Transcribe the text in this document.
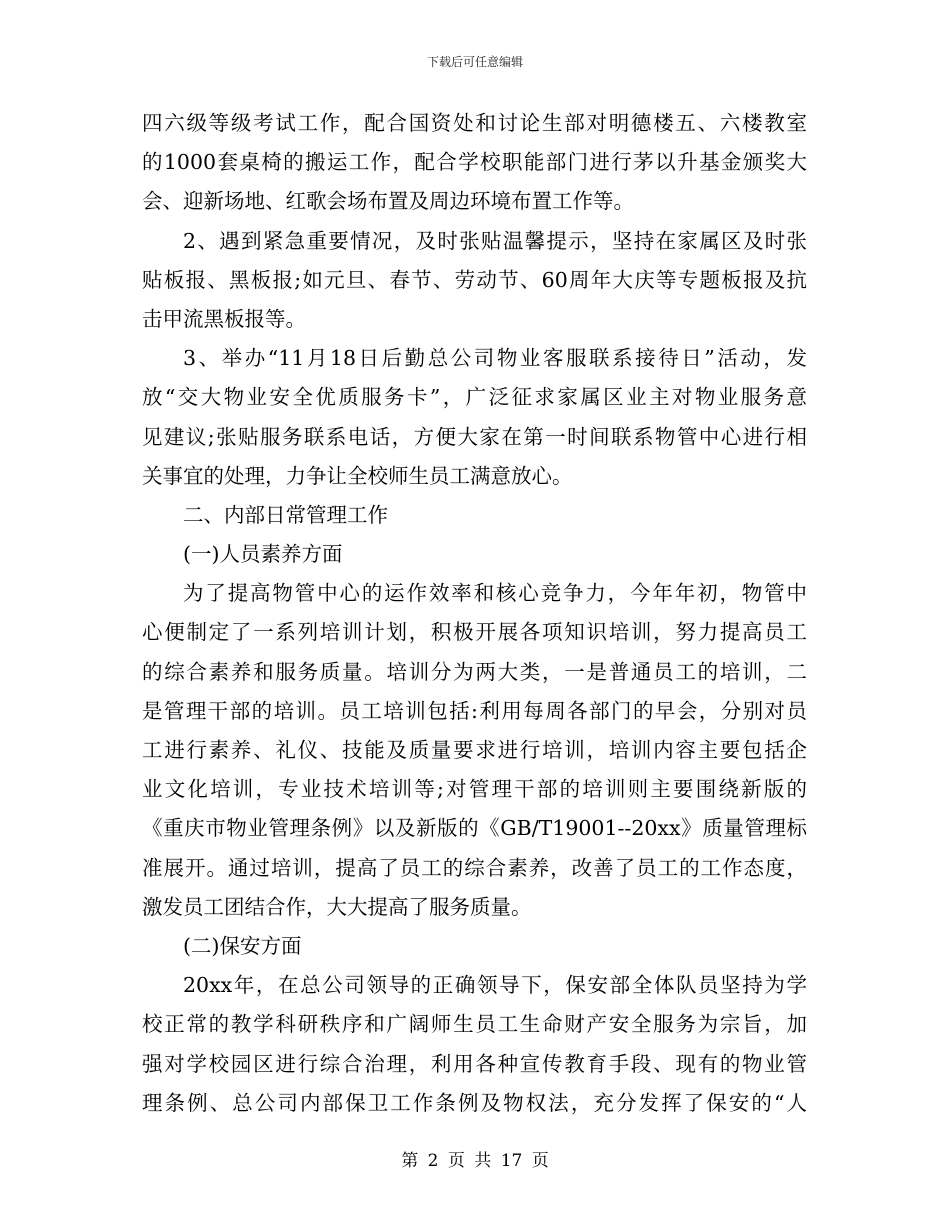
下载后可任意编辑
四六级等级考试工作，配合国资处和讨论生部对明德楼五、六楼教室
的1000套桌椅的搬运工作，配合学校职能部门进行茅以升基金颁奖大
会、迎新场地、红歌会场布置及周边环境布置工作等。
2、遇到紧急重要情况，及时张贴温馨提示，坚持在家属区及时张
贴板报、黑板报;如元旦、春节、劳动节、60周年大庆等专题板报及抗
击甲流黑板报等。
3、举办“11月18日后勤总公司物业客服联系接待日”活动，发
放“交大物业安全优质服务卡”，广泛征求家属区业主对物业服务意
见建议;张贴服务联系电话，方便大家在第一时间联系物管中心进行相
关事宜的处理，力争让全校师生员工满意放心。
二、内部日常管理工作
(一)人员素养方面
为了提高物管中心的运作效率和核心竞争力，今年年初，物管中
心便制定了一系列培训计划，积极开展各项知识培训，努力提高员工
的综合素养和服务质量。培训分为两大类，一是普通员工的培训，二
是管理干部的培训。员工培训包括:利用每周各部门的早会，分别对员
工进行素养、礼仪、技能及质量要求进行培训，培训内容主要包括企
业文化培训，专业技术培训等;对管理干部的培训则主要围绕新版的
《重庆市物业管理条例》以及新版的《GB/T19001--20xx》质量管理标
准展开。通过培训，提高了员工的综合素养，改善了员工的工作态度，
激发员工团结合作，大大提高了服务质量。
(二)保安方面
20xx年，在总公司领导的正确领导下，保安部全体队员坚持为学
校正常的教学科研秩序和广阔师生员工生命财产安全服务为宗旨，加
强对学校园区进行综合治理，利用各种宣传教育手段、现有的物业管
理条例、总公司内部保卫工作条例及物权法，充分发挥了保安的“人
第 2 页 共 17 页
